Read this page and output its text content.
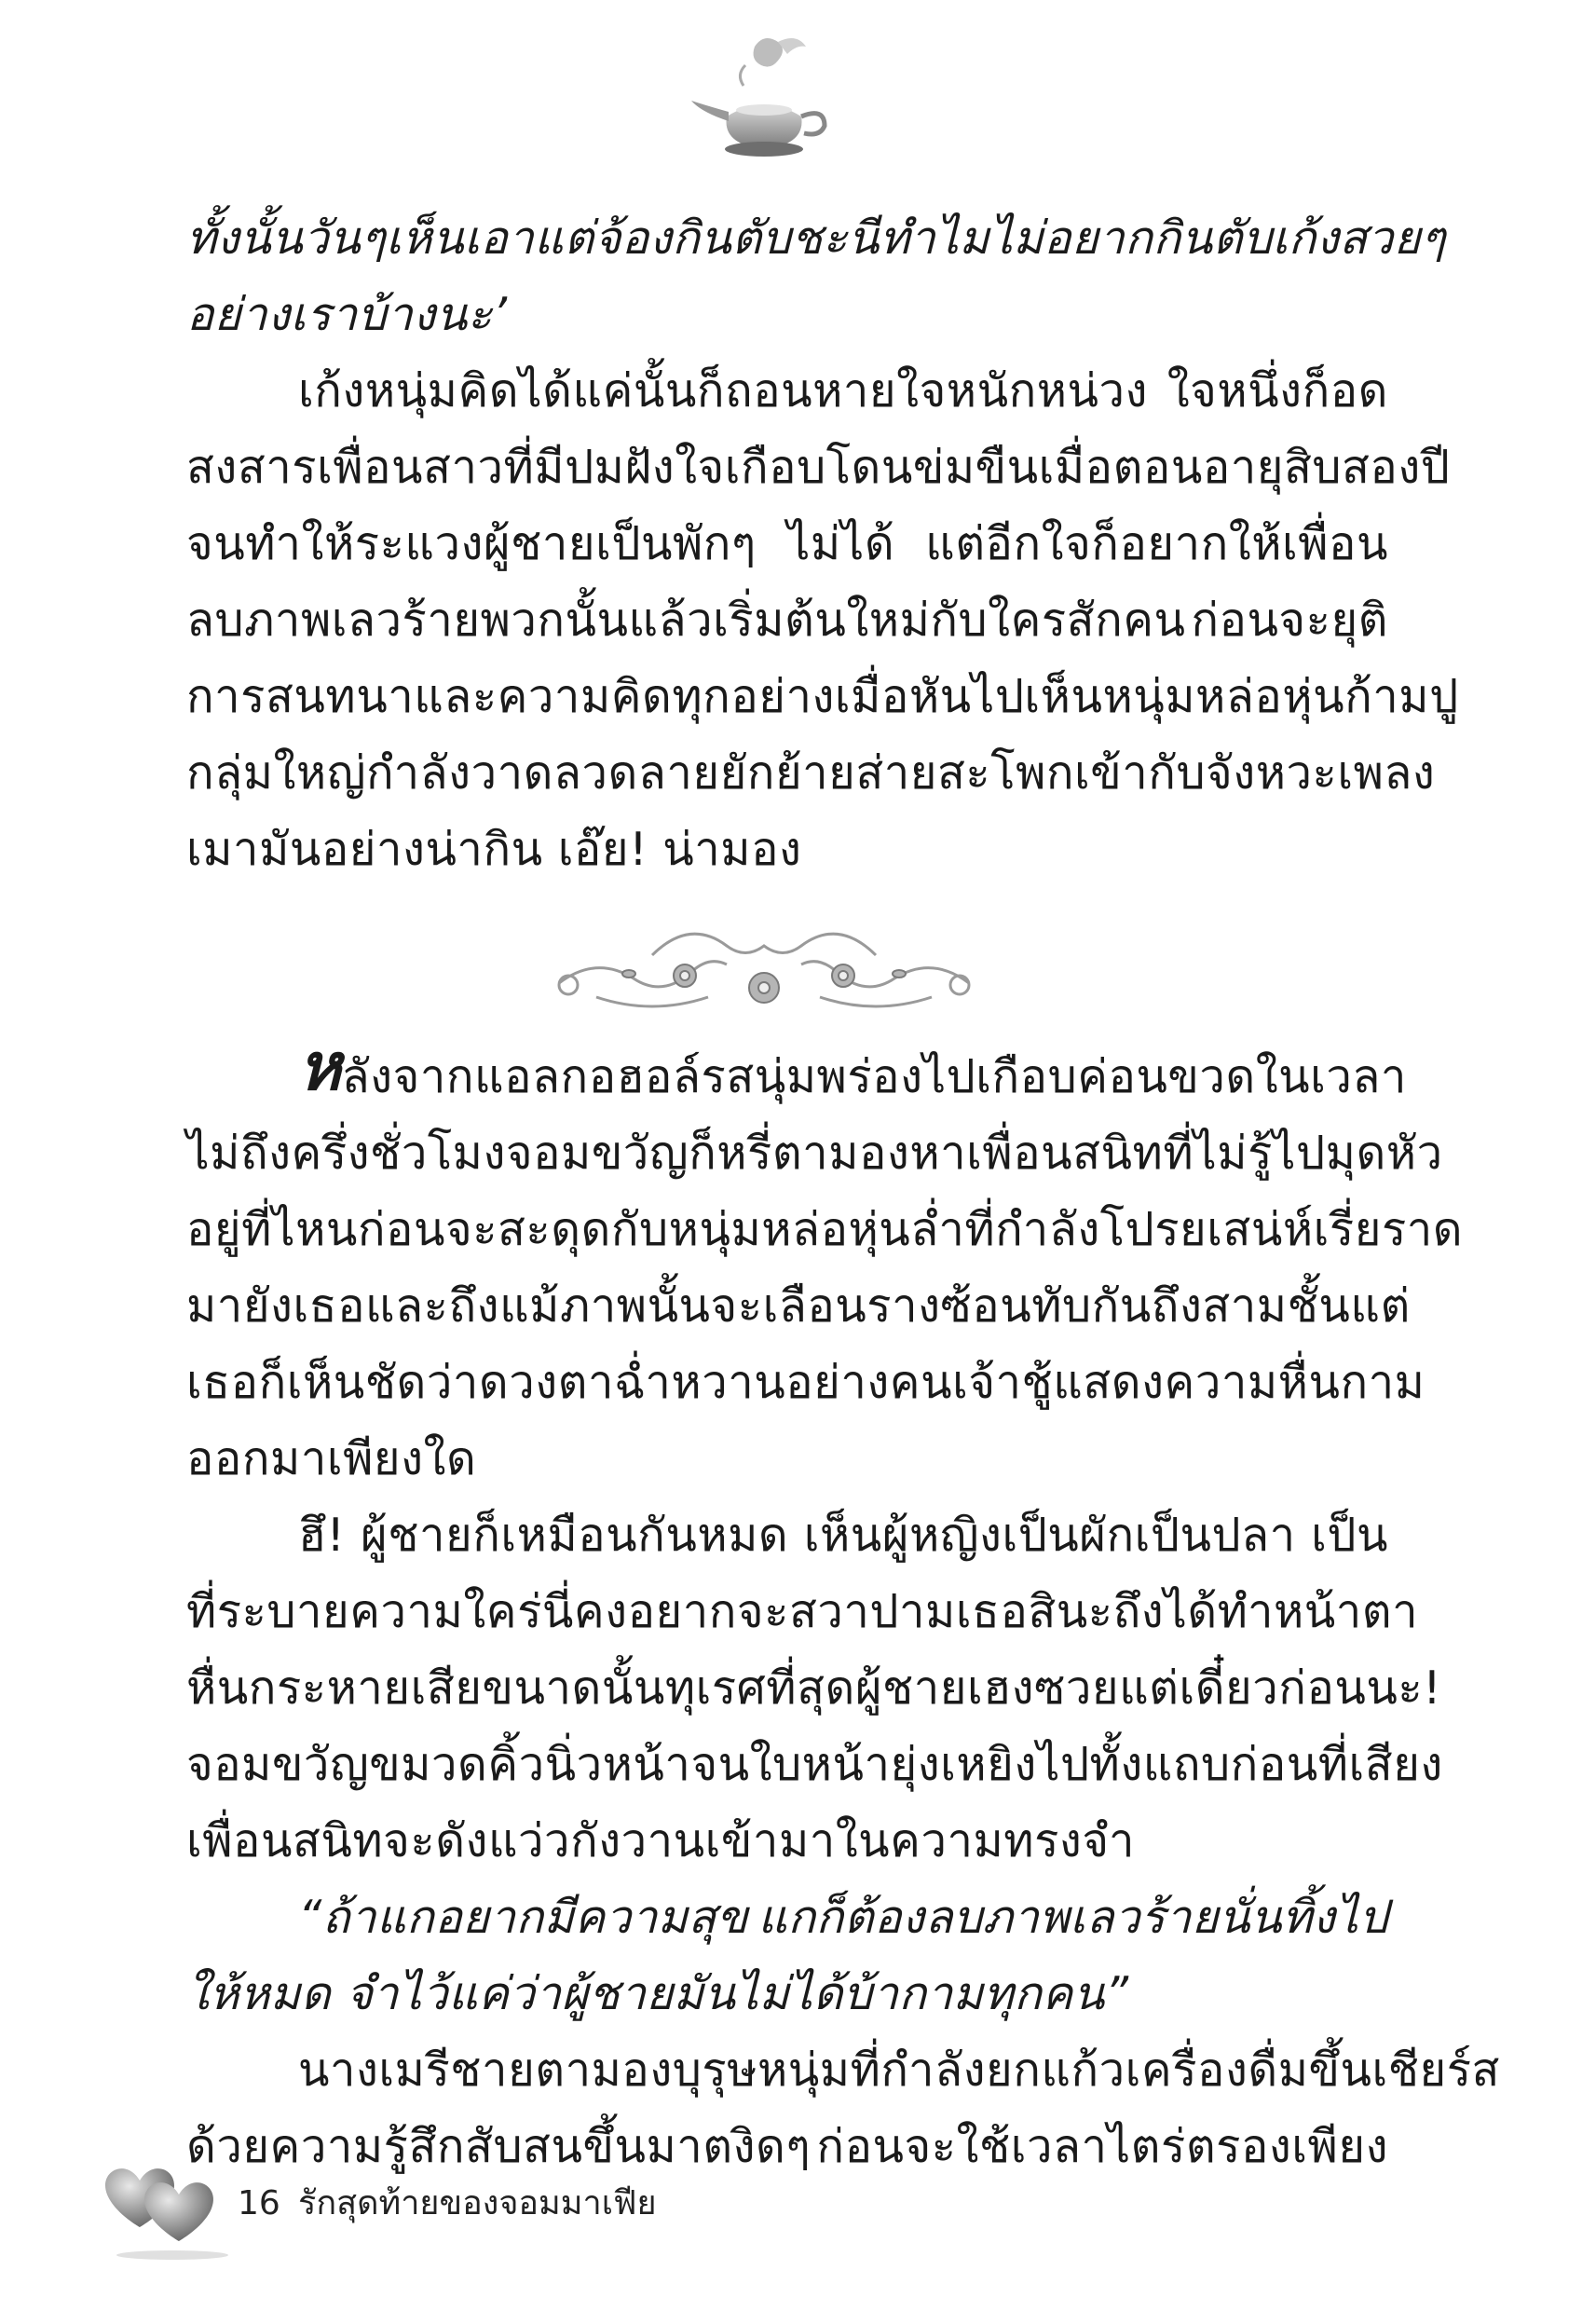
ทั้งนั้น วันๆ เห็นเอาแต่จ้องกินตับชะนี ทำไมไม่อยากกินตับเก้งสวยๆ
อย่างเราบ้างนะ’
เก้งหนุ่มคิดได้แค่นั้นก็ถอนหายใจหนักหน่วง ใจหนึ่งก็อด
สงสารเพื่อนสาวที่มีปมฝังใจเกือบโดนข่มขืนเมื่อตอนอายุสิบสองปี
จนทำให้ระแวงผู้ชายเป็นพักๆ ไม่ได้ แต่อีกใจก็อยากให้เพื่อน
ลบภาพเลวร้ายพวกนั้นแล้วเริ่มต้นใหม่กับใครสักคน ก่อนจะยุติ
การสนทนาและความคิดทุกอย่างเมื่อหันไปเห็นหนุ่มหล่อหุ่นก้ามปู
กลุ่มใหญ่กำลังวาดลวดลายยักย้ายส่ายสะโพกเข้ากับจังหวะเพลง
เมามันอย่างน่ากิน เอ๊ย! น่ามอง
ห ลังจากแอลกอฮอล์รสนุ่มพร่องไปเกือบค่อนขวดในเวลา
ไม่ถึงครึ่งชั่วโมง จอมขวัญก็หรี่ตามองหาเพื่อนสนิทที่ไม่รู้ไปมุดหัว
อยู่ที่ไหน ก่อนจะสะดุดกับหนุ่มหล่อหุ่นล่ำที่กำลังโปรยเสน่ห์เรี่ยราด
มายังเธอ และถึงแม้ภาพนั้นจะเลือนรางซ้อนทับกันถึงสามชั้น แต่
เธอก็เห็นชัดว่าดวงตาฉ่ำหวานอย่างคนเจ้าชู้แสดงความหื่นกาม
ออกมาเพียงใด
ฮึ! ผู้ชายก็เหมือนกันหมด เห็นผู้หญิงเป็นผักเป็นปลา เป็น
ที่ระบายความใคร่ นี่คงอยากจะสวาปามเธอสินะ ถึงได้ทำหน้าตา
หื่นกระหายเสียขนาดนั้น ทุเรศที่สุด ผู้ชายเฮงซวย แต่เดี๋ยวก่อนนะ!
จอมขวัญขมวดคิ้วนิ่วหน้าจนใบหน้ายุ่งเหยิงไปทั้งแถบ ก่อนที่เสียง
เพื่อนสนิทจะดังแว่วกังวานเข้ามาในความทรงจำ
“ถ้าแกอยากมีความสุข แกก็ต้องลบภาพเลวร้ายนั่นทิ้งไป
ให้หมด จำไว้แค่ว่าผู้ชายมันไม่ได้บ้ากามทุกคน”
นางเมรีชายตามองบุรุษหนุ่มที่กำลังยกแก้วเครื่องดื่มขึ้นเชียร์ส
ด้วยความรู้สึกสับสนขึ้นมาตงิดๆ ก่อนจะใช้เวลาไตร่ตรองเพียง
16 รักสุดท้ายของจอมมาเฟีย
